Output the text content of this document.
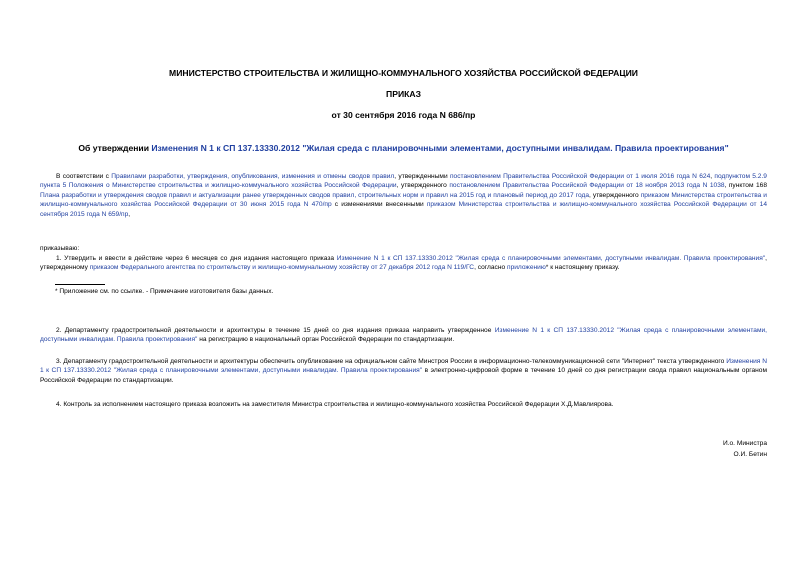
МИНИСТЕРСТВО СТРОИТЕЛЬСТВА И ЖИЛИЩНО-КОММУНАЛЬНОГО ХОЗЯЙСТВА РОССИЙСКОЙ ФЕДЕРАЦИИ
ПРИКАЗ
от 30 сентября 2016 года N 686/пр
Об утверждении Изменения N 1 к СП 137.13330.2012 "Жилая среда с планировочными элементами, доступными инвалидам. Правила проектирования"
В соответствии с Правилами разработки, утверждения, опубликования, изменения и отмены сводов правил, утвержденными постановлением Правительства Российской Федерации от 1 июля 2016 года N 624, подпунктом 5.2.9 пункта 5 Положения о Министерстве строительства и жилищно-коммунального хозяйства Российской Федерации, утвержденного постановлением Правительства Российской Федерации от 18 ноября 2013 года N 1038, пунктом 168 Плана разработки и утверждения сводов правил и актуализации ранее утвержденных сводов правил, строительных норм и правил на 2015 год и плановый период до 2017 года, утвержденного приказом Министерства строительства и жилищно-коммунального хозяйства Российской Федерации от 30 июня 2015 года N 470/пр с изменениями внесенными приказом Министерства строительства и жилищно-коммунального хозяйства Российской Федерации от 14 сентября 2015 года N 659/пр,
приказываю:
1. Утвердить и ввести в действие через 6 месяцев со дня издания настоящего приказа Изменение N 1 к СП 137.13330.2012 "Жилая среда с планировочными элементами, доступными инвалидам. Правила проектирования", утвержденному приказом Федерального агентства по строительству и жилищно-коммунальному хозяйству от 27 декабря 2012 года N 119/ГС, согласно приложению* к настоящему приказу.
* Приложение см. по ссылке. - Примечание изготовителя базы данных.
2. Департаменту градостроительной деятельности и архитектуры в течение 15 дней со дня издания приказа направить утвержденное Изменение N 1 к СП 137.13330.2012 "Жилая среда с планировочными элементами, доступными инвалидам. Правила проектирования" на регистрацию в национальный орган Российской Федерации по стандартизации.
3. Департаменту градостроительной деятельности и архитектуры обеспечить опубликование на официальном сайте Минстроя России в информационно-телекоммуникационной сети "Интернет" текста утвержденного Изменения N 1 к СП 137.13330.2012 "Жилая среда с планировочными элементами, доступными инвалидам. Правила проектирования" в электронно-цифровой форме в течение 10 дней со дня регистрации свода правил национальным органом Российской Федерации по стандартизации.
4. Контроль за исполнением настоящего приказа возложить на заместителя Министра строительства и жилищно-коммунального хозяйства Российской Федерации Х.Д.Мавлиярова.
И.о. Министра
О.И. Бетин
